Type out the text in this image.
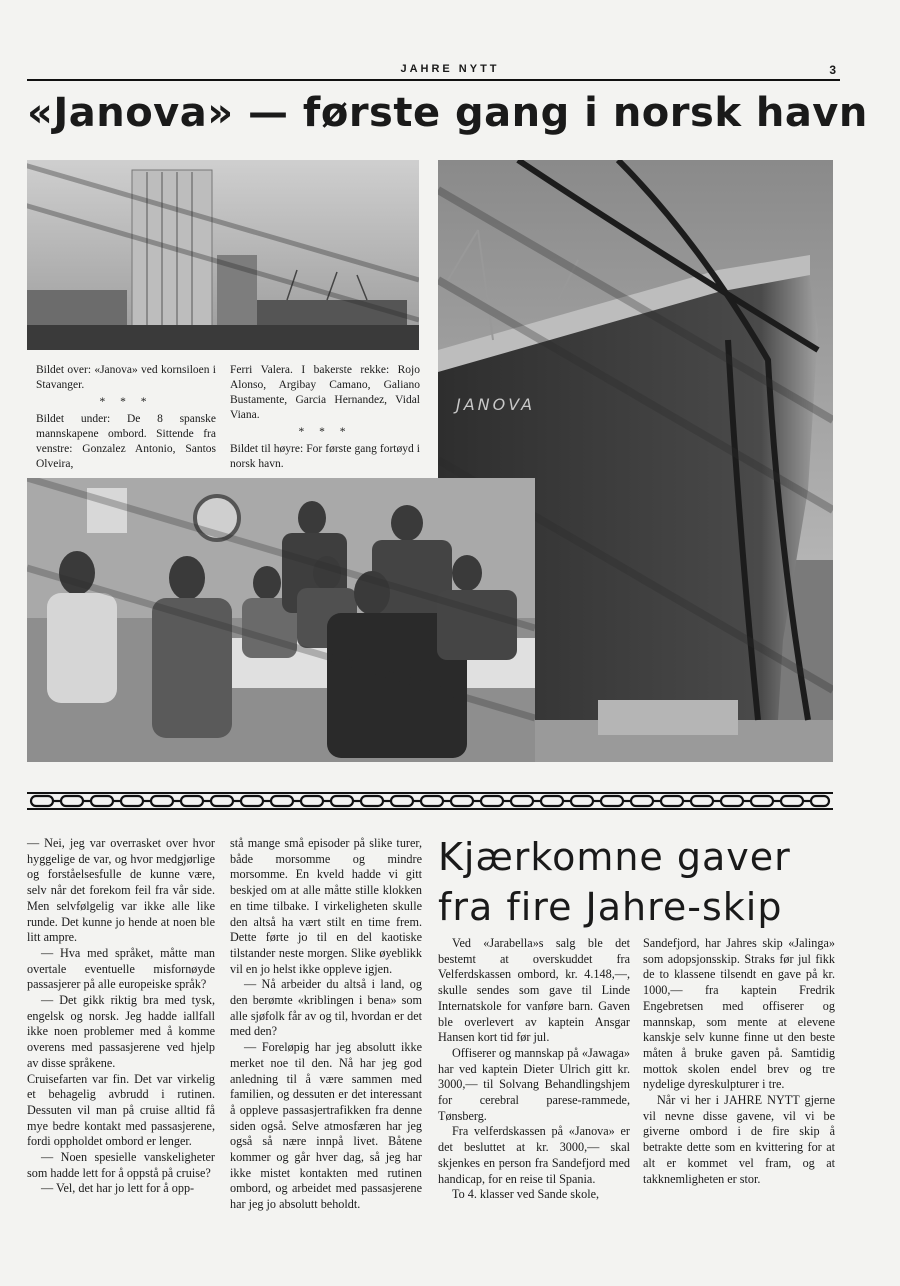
JAHRE NYTT	3
«Janova» — første gang i norsk havn

Bildet over: «Janova» ved kornsiloen i Stavanger.

* * *

Bildet under: De 8 spanske mannskapene ombord. Sittende fra venstre: Gonzalez Antonio, Santos Olveira,

Ferri Valera. I bakerste rekke: Rojo Alonso, Argibay Camano, Galiano Bustamente, Garcia Hernandez, Vidal Viana.

* * *

Bildet til høyre: For første gang fortøyd i norsk havn.

JANOVA

— Nei, jeg var overrasket over hvor hyggelige de var, og hvor medgjørlige og forståelsesfulle de kunne være, selv når det forekom feil fra vår side. Men selvfølgelig var ikke alle like runde. Det kunne jo hende at noen ble litt ampre.

— Hva med språket, måtte man overtale eventuelle misfornøyde passasjerer på alle europeiske språk?

— Det gikk riktig bra med tysk, engelsk og norsk. Jeg hadde iallfall ikke noen problemer med å komme overens med passasjerene ved hjelp av disse språkene.

Cruisefarten var fin. Det var virkelig et behagelig avbrudd i rutinen. Dessuten vil man på cruise alltid få mye bedre kontakt med passasjerene, fordi oppholdet ombord er lenger.

— Noen spesielle vanskeligheter som hadde lett for å oppstå på cruise?

— Vel, det har jo lett for å opp-

stå mange små episoder på slike turer, både morsomme og mindre morsomme. En kveld hadde vi gitt beskjed om at alle måtte stille klokken en time tilbake. I virkeligheten skulle den altså ha vært stilt en time frem. Dette førte jo til en del kaotiske tilstander neste morgen. Slike øyeblikk vil en jo helst ikke oppleve igjen.

— Nå arbeider du altså i land, og den berømte «kriblingen i bena» som alle sjøfolk får av og til, hvordan er det med den?

— Foreløpig har jeg absolutt ikke merket noe til den. Nå har jeg god anledning til å være sammen med familien, og dessuten er det interessant å oppleve passasjertrafikken fra denne siden også. Selve atmosfæren har jeg også så nære innpå livet. Båtene kommer og går hver dag, så jeg har ikke mistet kontakten med rutinen ombord, og arbeidet med passasjerene har jeg jo absolutt beholdt.

Kjærkomne gaver
fra fire Jahre-skip

Ved «Jarabella»s salg ble det bestemt at overskuddet fra Velferdskassen ombord, kr. 4.148,—, skulle sendes som gave til Linde Internatskole for vanføre barn. Gaven ble overlevert av kaptein Ansgar Hansen kort tid før jul.

Offiserer og mannskap på «Jawaga» har ved kaptein Dieter Ulrich gitt kr. 3000,— til Solvang Behandlingshjem for cerebral parese-rammede, Tønsberg.

Fra velferdskassen på «Janova» er det besluttet at kr. 3000,— skal skjenkes en person fra Sandefjord med handicap, for en reise til Spania.

To 4. klasser ved Sande skole,

Sandefjord, har Jahres skip «Jalinga» som adopsjonsskip. Straks før jul fikk de to klassene tilsendt en gave på kr. 1000,— fra kaptein Fredrik Engebretsen med offiserer og mannskap, som mente at elevene kanskje selv kunne finne ut den beste måten å bruke gaven på. Samtidig mottok skolen endel brev og tre nydelige dyreskulpturer i tre.

Når vi her i JAHRE NYTT gjerne vil nevne disse gavene, vil vi be giverne ombord i de fire skip å betrakte dette som en kvittering for at alt er kommet vel fram, og at takknemligheten er stor.
